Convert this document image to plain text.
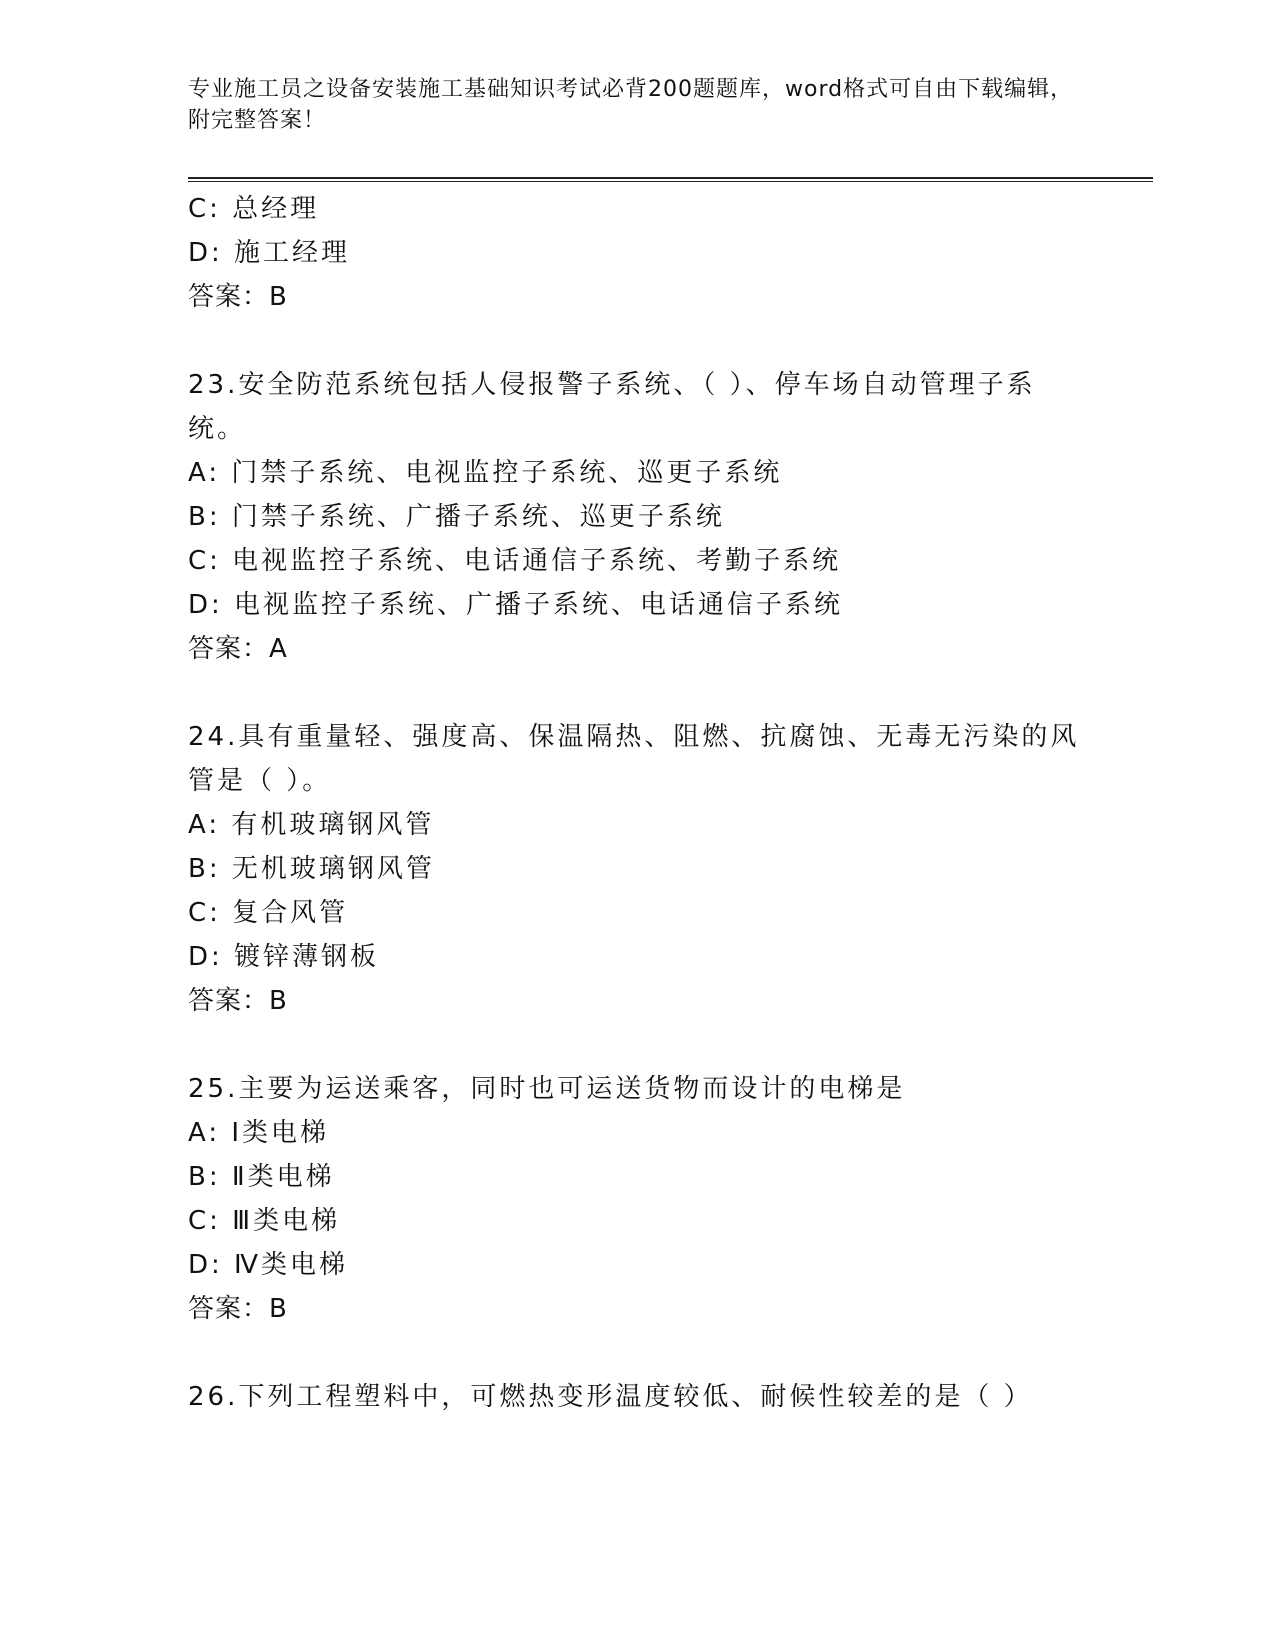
专业施工员之设备安装施工基础知识考试必背200题题库，word格式可自由下载编辑，附完整答案！
C: 总经理
D: 施工经理
答案：B
23.安全防范系统包括人侵报警子系统、（ ）、停车场自动管理子系
统。
A: 门禁子系统、电视监控子系统、巡更子系统
B: 门禁子系统、广播子系统、巡更子系统
C: 电视监控子系统、电话通信子系统、考勤子系统
D: 电视监控子系统、广播子系统、电话通信子系统
答案：A
24.具有重量轻、强度高、保温隔热、阻燃、抗腐蚀、无毒无污染的风
管是（ ）。
A: 有机玻璃钢风管
B: 无机玻璃钢风管
C: 复合风管
D: 镀锌薄钢板
答案：B
25.主要为运送乘客，同时也可运送货物而设计的电梯是
A: Ⅰ类电梯
B: Ⅱ类电梯
C: Ⅲ类电梯
D: Ⅳ类电梯
答案：B
26.下列工程塑料中，可燃热变形温度较低、耐候性较差的是（ ）
